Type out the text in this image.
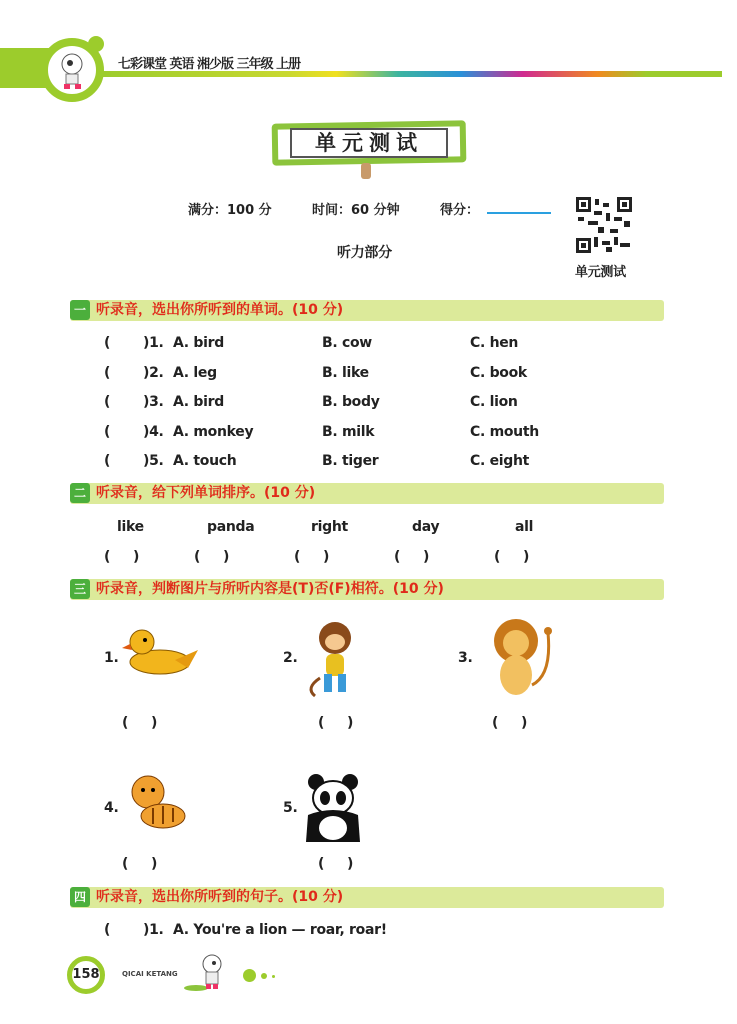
七彩课堂 英语 湘少版 三年级 上册
单元测试
满分：100 分	时间：60 分钟	得分：
单元测试
听力部分
一 听录音，选出你所听到的单词。(10 分)
( )1. A. bird	B. cow	C. hen
( )2. A. leg	B. like	C. book
( )3. A. bird	B. body	C. lion
( )4. A. monkey	B. milk	C. mouth
( )5. A. touch	B. tiger	C. eight
二 听录音，给下列单词排序。(10 分)
like
(     )
panda
(     )
right
(     )
day
(     )
all
(     )
三 听录音，判断图片与所听内容是(T)否(F)相符。(10 分)
1.
(     )
2.
(     )
3.
(     )
4.
(     )
5.
(     )
四 听录音，选出你所听到的句子。(10 分)
( )1. A. You're a lion — roar, roar!
158	QICAI KETANG
